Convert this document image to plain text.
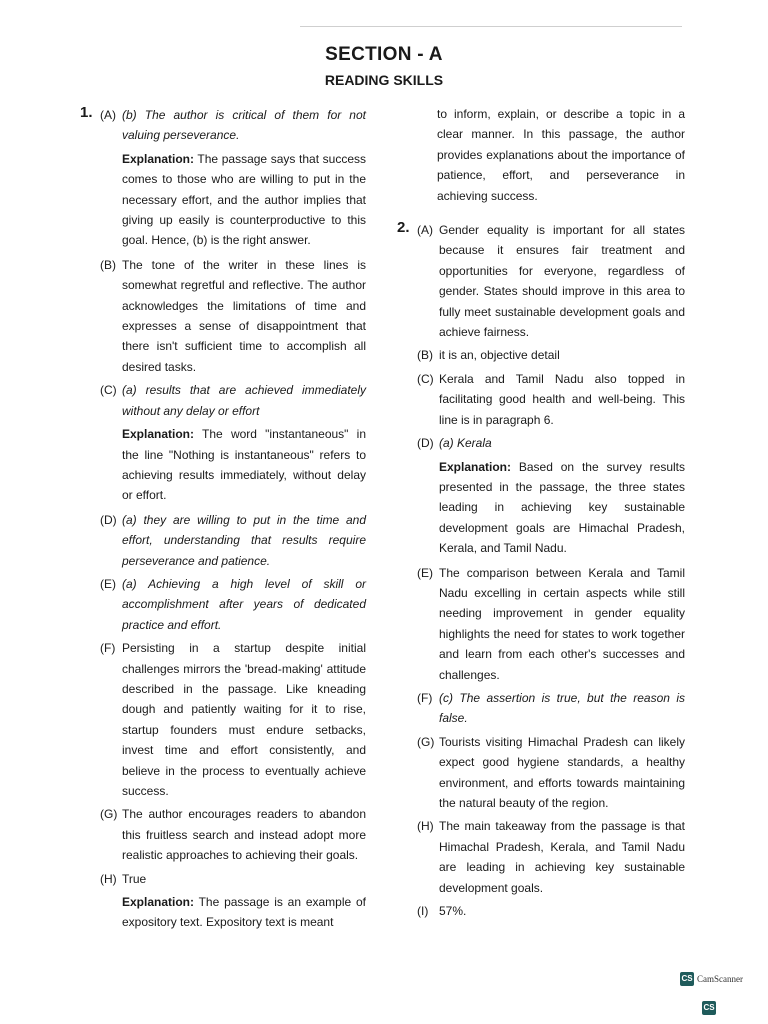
SECTION - A
READING SKILLS
1. (A) (b) The author is critical of them for not valuing perseverance.
Explanation: The passage says that success comes to those who are willing to put in the necessary effort, and the author implies that giving up easily is counterproductive to this goal. Hence, (b) is the right answer.
(B) The tone of the writer in these lines is somewhat regretful and reflective. The author acknowledges the limitations of time and expresses a sense of disappointment that there isn't sufficient time to accomplish all desired tasks.
(C) (a) results that are achieved immediately without any delay or effort
Explanation: The word "instantaneous" in the line "Nothing is instantaneous" refers to achieving results immediately, without delay or effort.
(D) (a) they are willing to put in the time and effort, understanding that results require perseverance and patience.
(E) (a) Achieving a high level of skill or accomplishment after years of dedicated practice and effort.
(F) Persisting in a startup despite initial challenges mirrors the 'bread-making' attitude described in the passage. Like kneading dough and patiently waiting for it to rise, startup founders must endure setbacks, invest time and effort consistently, and believe in the process to eventually achieve success.
(G) The author encourages readers to abandon this fruitless search and instead adopt more realistic approaches to achieving their goals.
(H) True
Explanation: The passage is an example of expository text. Expository text is meant
to inform, explain, or describe a topic in a clear manner. In this passage, the author provides explanations about the importance of patience, effort, and perseverance in achieving success.
2. (A) Gender equality is important for all states because it ensures fair treatment and opportunities for everyone, regardless of gender. States should improve in this area to fully meet sustainable development goals and achieve fairness.
(B) it is an, objective detail
(C) Kerala and Tamil Nadu also topped in facilitating good health and well-being. This line is in paragraph 6.
(D) (a) Kerala
Explanation: Based on the survey results presented in the passage, the three states leading in achieving key sustainable development goals are Himachal Pradesh, Kerala, and Tamil Nadu.
(E) The comparison between Kerala and Tamil Nadu excelling in certain aspects while still needing improvement in gender equality highlights the need for states to work together and learn from each other's successes and challenges.
(F) (c) The assertion is true, but the reason is false.
(G) Tourists visiting Himachal Pradesh can likely expect good hygiene standards, a healthy environment, and efforts towards maintaining the natural beauty of the region.
(H) The main takeaway from the passage is that Himachal Pradesh, Kerala, and Tamil Nadu are leading in achieving key sustainable development goals.
(I) 57%.
CS CamScanner
CS
